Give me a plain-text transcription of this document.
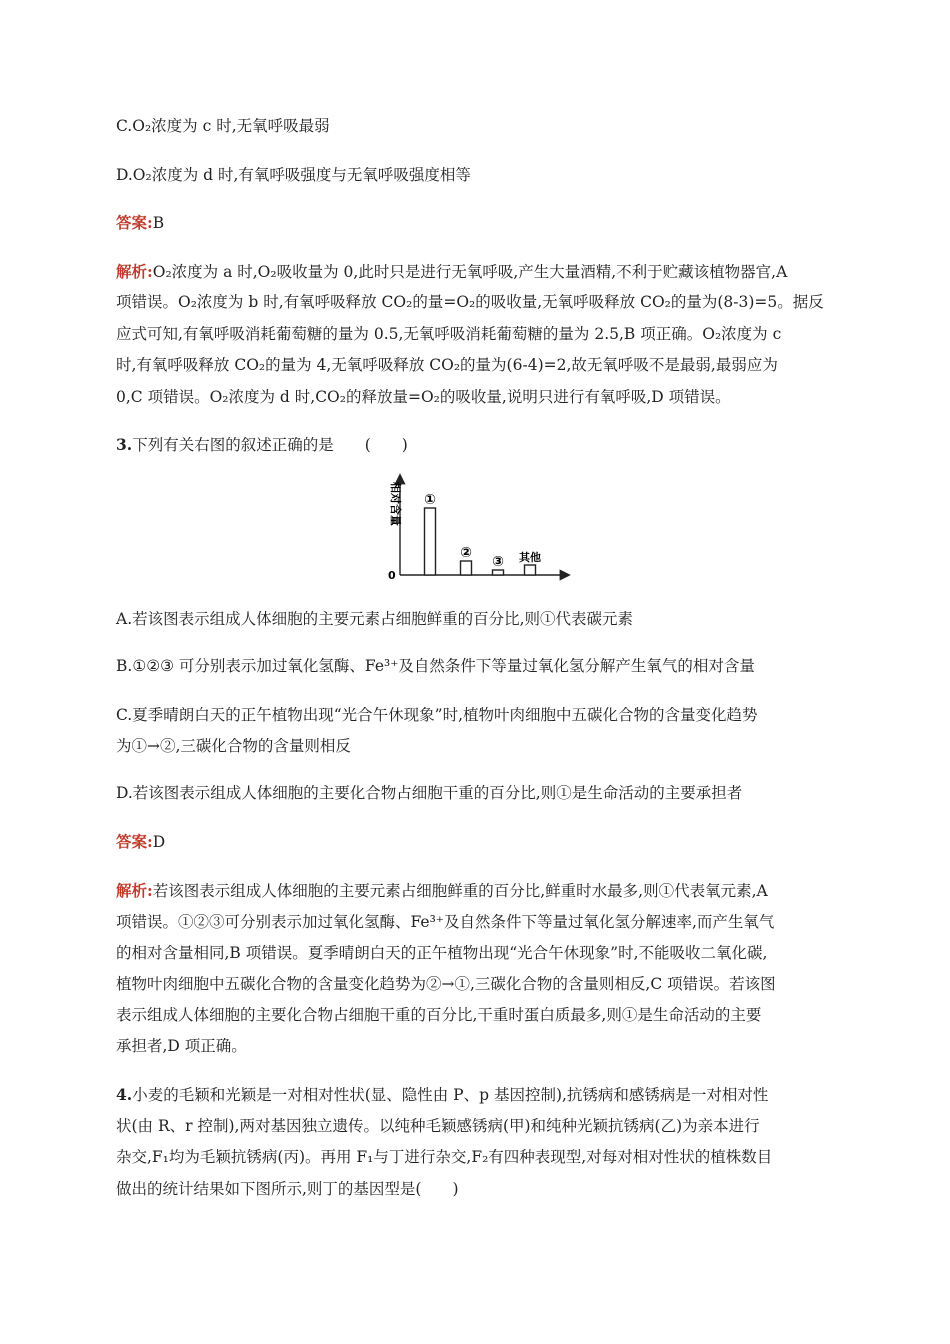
C.O₂浓度为 c 时,无氧呼吸最弱
D.O₂浓度为 d 时,有氧呼吸强度与无氧呼吸强度相等
答案:B
解析:O₂浓度为 a 时,O₂吸收量为 0,此时只是进行无氧呼吸,产生大量酒精,不利于贮藏该植物器官,A
项错误。O₂浓度为 b 时,有氧呼吸释放 CO₂的量=O₂的吸收量,无氧呼吸释放 CO₂的量为(8-3)=5。据反
应式可知,有氧呼吸消耗葡萄糖的量为 0.5,无氧呼吸消耗葡萄糖的量为 2.5,B 项正确。O₂浓度为 c
时,有氧呼吸释放 CO₂的量为 4,无氧呼吸释放 CO₂的量为(6-4)=2,故无氧呼吸不是最弱,最弱应为
0,C 项错误。O₂浓度为 d 时,CO₂的释放量=O₂的吸收量,说明只进行有氧呼吸,D 项错误。
3.下列有关右图的叙述正确的是　　(　　)
相对含量
0
①
②
③ 其他
A.若该图表示组成人体细胞的主要元素占细胞鲜重的百分比,则①代表碳元素
B.①②③ 可分别表示加过氧化氢酶、Fe³⁺及自然条件下等量过氧化氢分解产生氧气的相对含量
C.夏季晴朗白天的正午植物出现“光合午休现象”时,植物叶肉细胞中五碳化合物的含量变化趋势
为①→②,三碳化合物的含量则相反
D.若该图表示组成人体细胞的主要化合物占细胞干重的百分比,则①是生命活动的主要承担者
答案:D
解析:若该图表示组成人体细胞的主要元素占细胞鲜重的百分比,鲜重时水最多,则①代表氧元素,A
项错误。①②③可分别表示加过氧化氢酶、Fe³⁺及自然条件下等量过氧化氢分解速率,而产生氧气
的相对含量相同,B 项错误。夏季晴朗白天的正午植物出现“光合午休现象”时,不能吸收二氧化碳,
植物叶肉细胞中五碳化合物的含量变化趋势为②→①,三碳化合物的含量则相反,C 项错误。若该图
表示组成人体细胞的主要化合物占细胞干重的百分比,干重时蛋白质最多,则①是生命活动的主要
承担者,D 项正确。
4.小麦的毛颖和光颖是一对相对性状(显、隐性由 P、p 基因控制),抗锈病和感锈病是一对相对性
状(由 R、r 控制),两对基因独立遗传。以纯种毛颖感锈病(甲)和纯种光颖抗锈病(乙)为亲本进行
杂交,F₁均为毛颖抗锈病(丙)。再用 F₁与丁进行杂交,F₂有四种表现型,对每对相对性状的植株数目
做出的统计结果如下图所示,则丁的基因型是(　　)
